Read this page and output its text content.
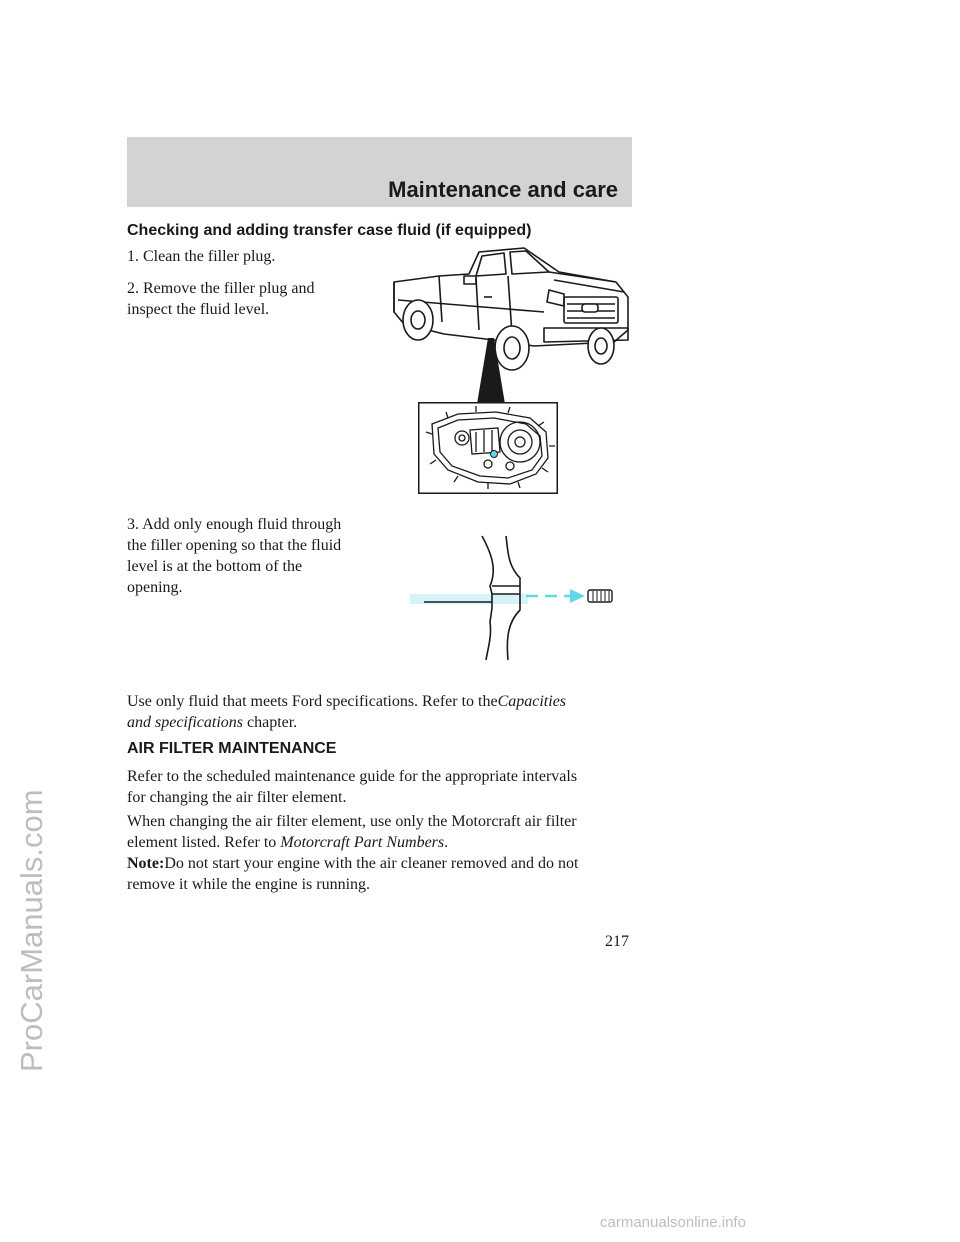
Maintenance and care
ProCarManuals.com
Checking and adding transfer case fluid (if equipped)

1. Clean the filler plug.

2. Remove the filler plug and

inspect the fluid level.

3. Add only enough fluid through

the filler opening so that the fluid

level is at the bottom of the

opening.

Use only fluid that meets Ford specifications. Refer to theCapacities
and specifications chapter.

AIR FILTER MAINTENANCE

Refer to the scheduled maintenance guide for the appropriate intervals

for changing the air filter element.

When changing the air filter element, use only the Motorcraft air filter

element listed. Refer to Motorcraft Part Numbers.

Note:Do not start your engine with the air cleaner removed and do not

remove it while the engine is running.

217
carmanualsonline.info
